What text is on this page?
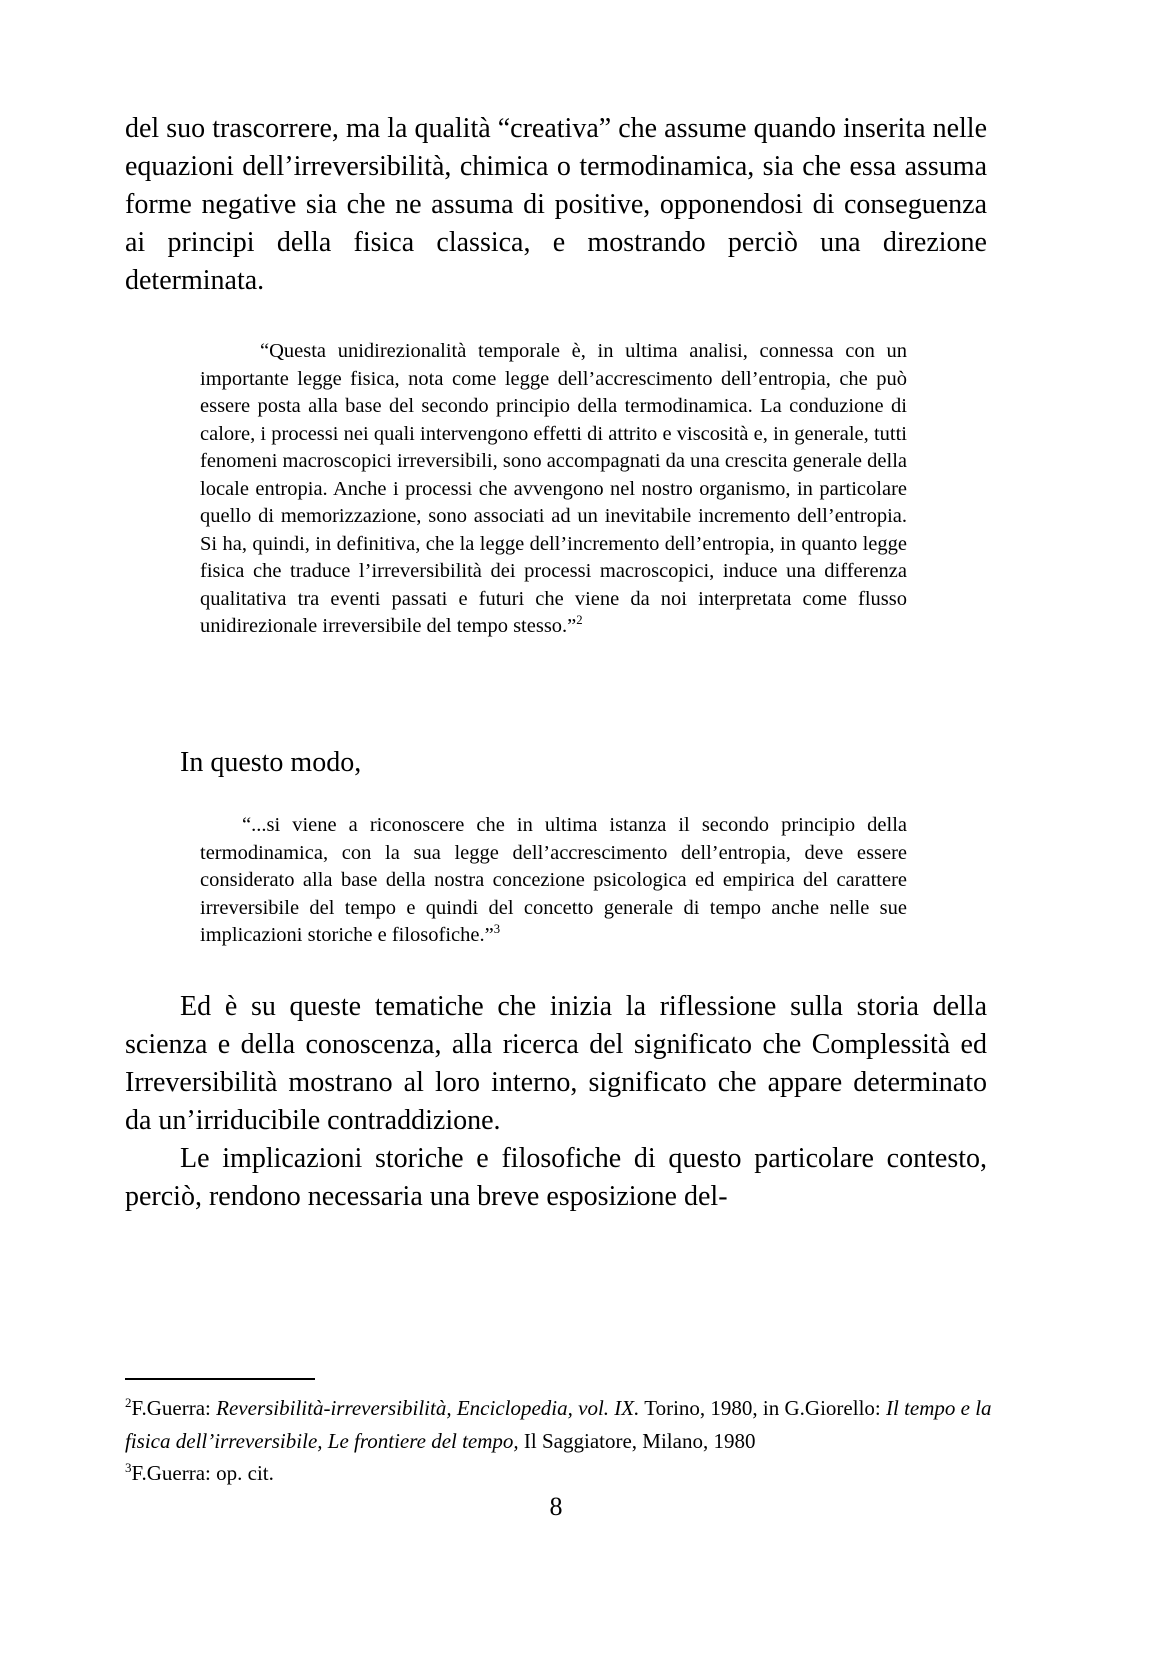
del suo trascorrere, ma la qualità “creativa” che assume quando inserita nelle equazioni dell’irreversibilità, chimica o termodinamica, sia che essa assuma forme negative sia che ne assuma di positive, opponendosi di conseguenza ai principi della fisica classica, e mostrando perciò una direzione determinata.

“Questa unidirezionalità temporale è, in ultima analisi, connessa con un importante legge fisica, nota come legge dell’accrescimento dell’entropia, che può essere posta alla base del secondo principio della termodinamica. La conduzione di calore, i processi nei quali intervengono effetti di attrito e viscosità e, in generale, tutti fenomeni macroscopici irreversibili, sono accompagnati da una crescita generale della locale entropia. Anche i processi che avvengono nel nostro organismo, in particolare quello di memorizzazione, sono associati ad un inevitabile incremento dell’entropia. Si ha, quindi, in definitiva, che la legge dell’incremento dell’entropia, in quanto legge fisica che traduce l’irreversibilità dei processi macroscopici, induce una differenza qualitativa tra eventi passati e futuri che viene da noi interpretata come flusso unidirezionale irreversibile del tempo stesso.”$^2$

In questo modo,

“...si viene a riconoscere che in ultima istanza il secondo principio della termodinamica, con la sua legge dell’accrescimento dell’entropia, deve essere considerato alla base della nostra concezione psicologica ed empirica del carattere irreversibile del tempo e quindi del concetto generale di tempo anche nelle sue implicazioni storiche e filosofiche.”$^3$

Ed è su queste tematiche che inizia la riflessione sulla storia della scienza e della conoscenza, alla ricerca del significato che Complessità ed Irreversibilità mostrano al loro interno, significato che appare determinato da un’irriducibile contraddizione.

Le implicazioni storiche e filosofiche di questo particolare contesto, perciò, rendono necessaria una breve esposizione del-

$^2$F.Guerra: Reversibilità-irreversibilità, Enciclopedia, vol. IX. Torino, 1980, in G.Giorello: Il tempo e la fisica dell’irreversibile, Le frontiere del tempo, Il Saggiatore, Milano, 1980

$^3$F.Guerra: op. cit.

8
